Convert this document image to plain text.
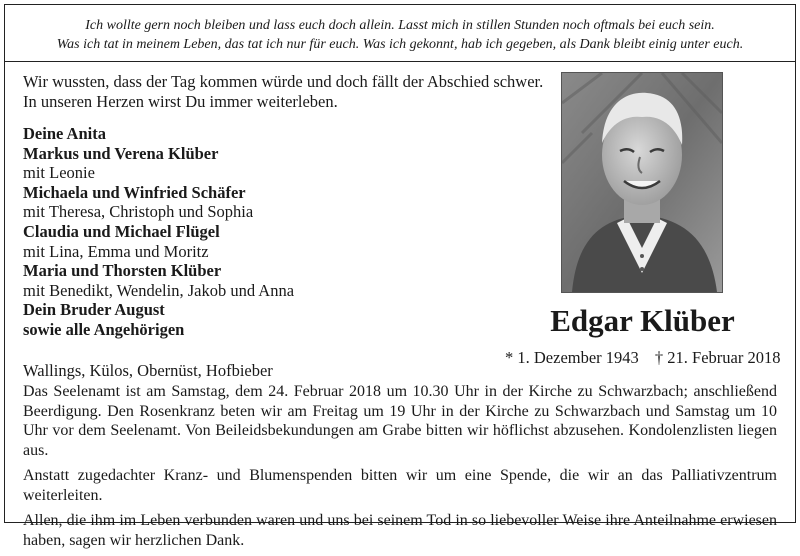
Ich wollte gern noch bleiben und lass euch doch allein. Lasst mich in stillen Stunden noch oftmals bei euch sein.
Was ich tat in meinem Leben, das tat ich nur für euch. Was ich gekonnt, hab ich gegeben, als Dank bleibt einig unter euch.
Wir wussten, dass der Tag kommen würde und doch fällt der Abschied schwer.
In unseren Herzen wirst Du immer weiterleben.
Deine Anita
Markus und Verena Klüber
mit Leonie
Michaela und Winfried Schäfer
mit Theresa, Christoph und Sophia
Claudia und Michael Flügel
mit Lina, Emma und Moritz
Maria und Thorsten Klüber
mit Benedikt, Wendelin, Jakob und Anna
Dein Bruder August
sowie alle Angehörigen	Edgar Klüber
* 1. Dezember 1943 † 21. Februar 2018
Wallings, Külos, Obernüst, Hofbieber

Das Seelenamt ist am Samstag, dem 24. Februar 2018 um 10.30 Uhr in der Kirche zu Schwarzbach; anschließend Beerdigung. Den Rosenkranz beten wir am Freitag um 19 Uhr in der Kirche zu Schwarzbach und Samstag um 10 Uhr vor dem Seelenamt. Von Beileidsbekundungen am Grabe bitten wir höflichst abzusehen. Kondolenzlisten liegen aus.

Anstatt zugedachter Kranz- und Blumenspenden bitten wir um eine Spende, die wir an das Palliativzentrum weiterleiten.

Allen, die ihm im Leben verbunden waren und uns bei seinem Tod in so liebevoller Weise ihre Anteilnahme erwiesen haben, sagen wir herzlichen Dank.
